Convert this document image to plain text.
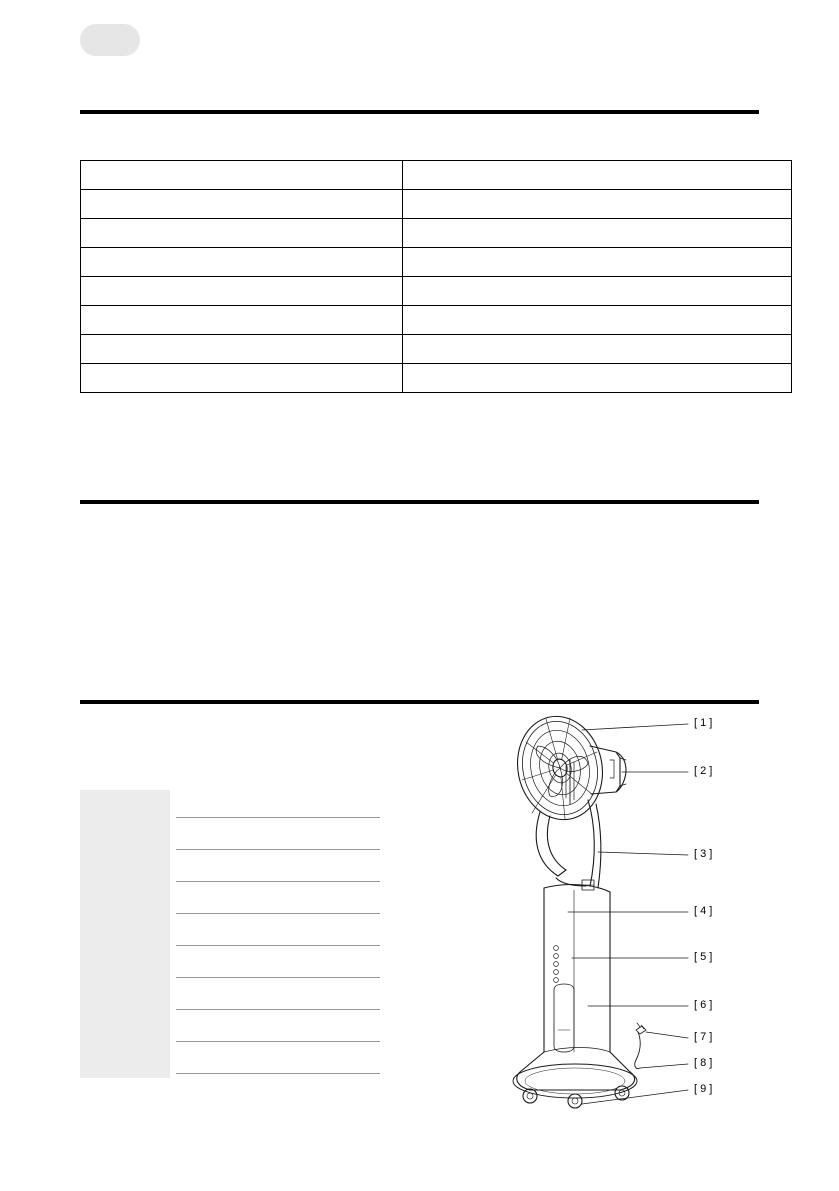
[ 1 ]
[ 2 ]
[ 3 ]
[ 4 ]
[ 5 ]
[ 6 ]
[ 7 ]
[ 8 ]
[ 9 ]
